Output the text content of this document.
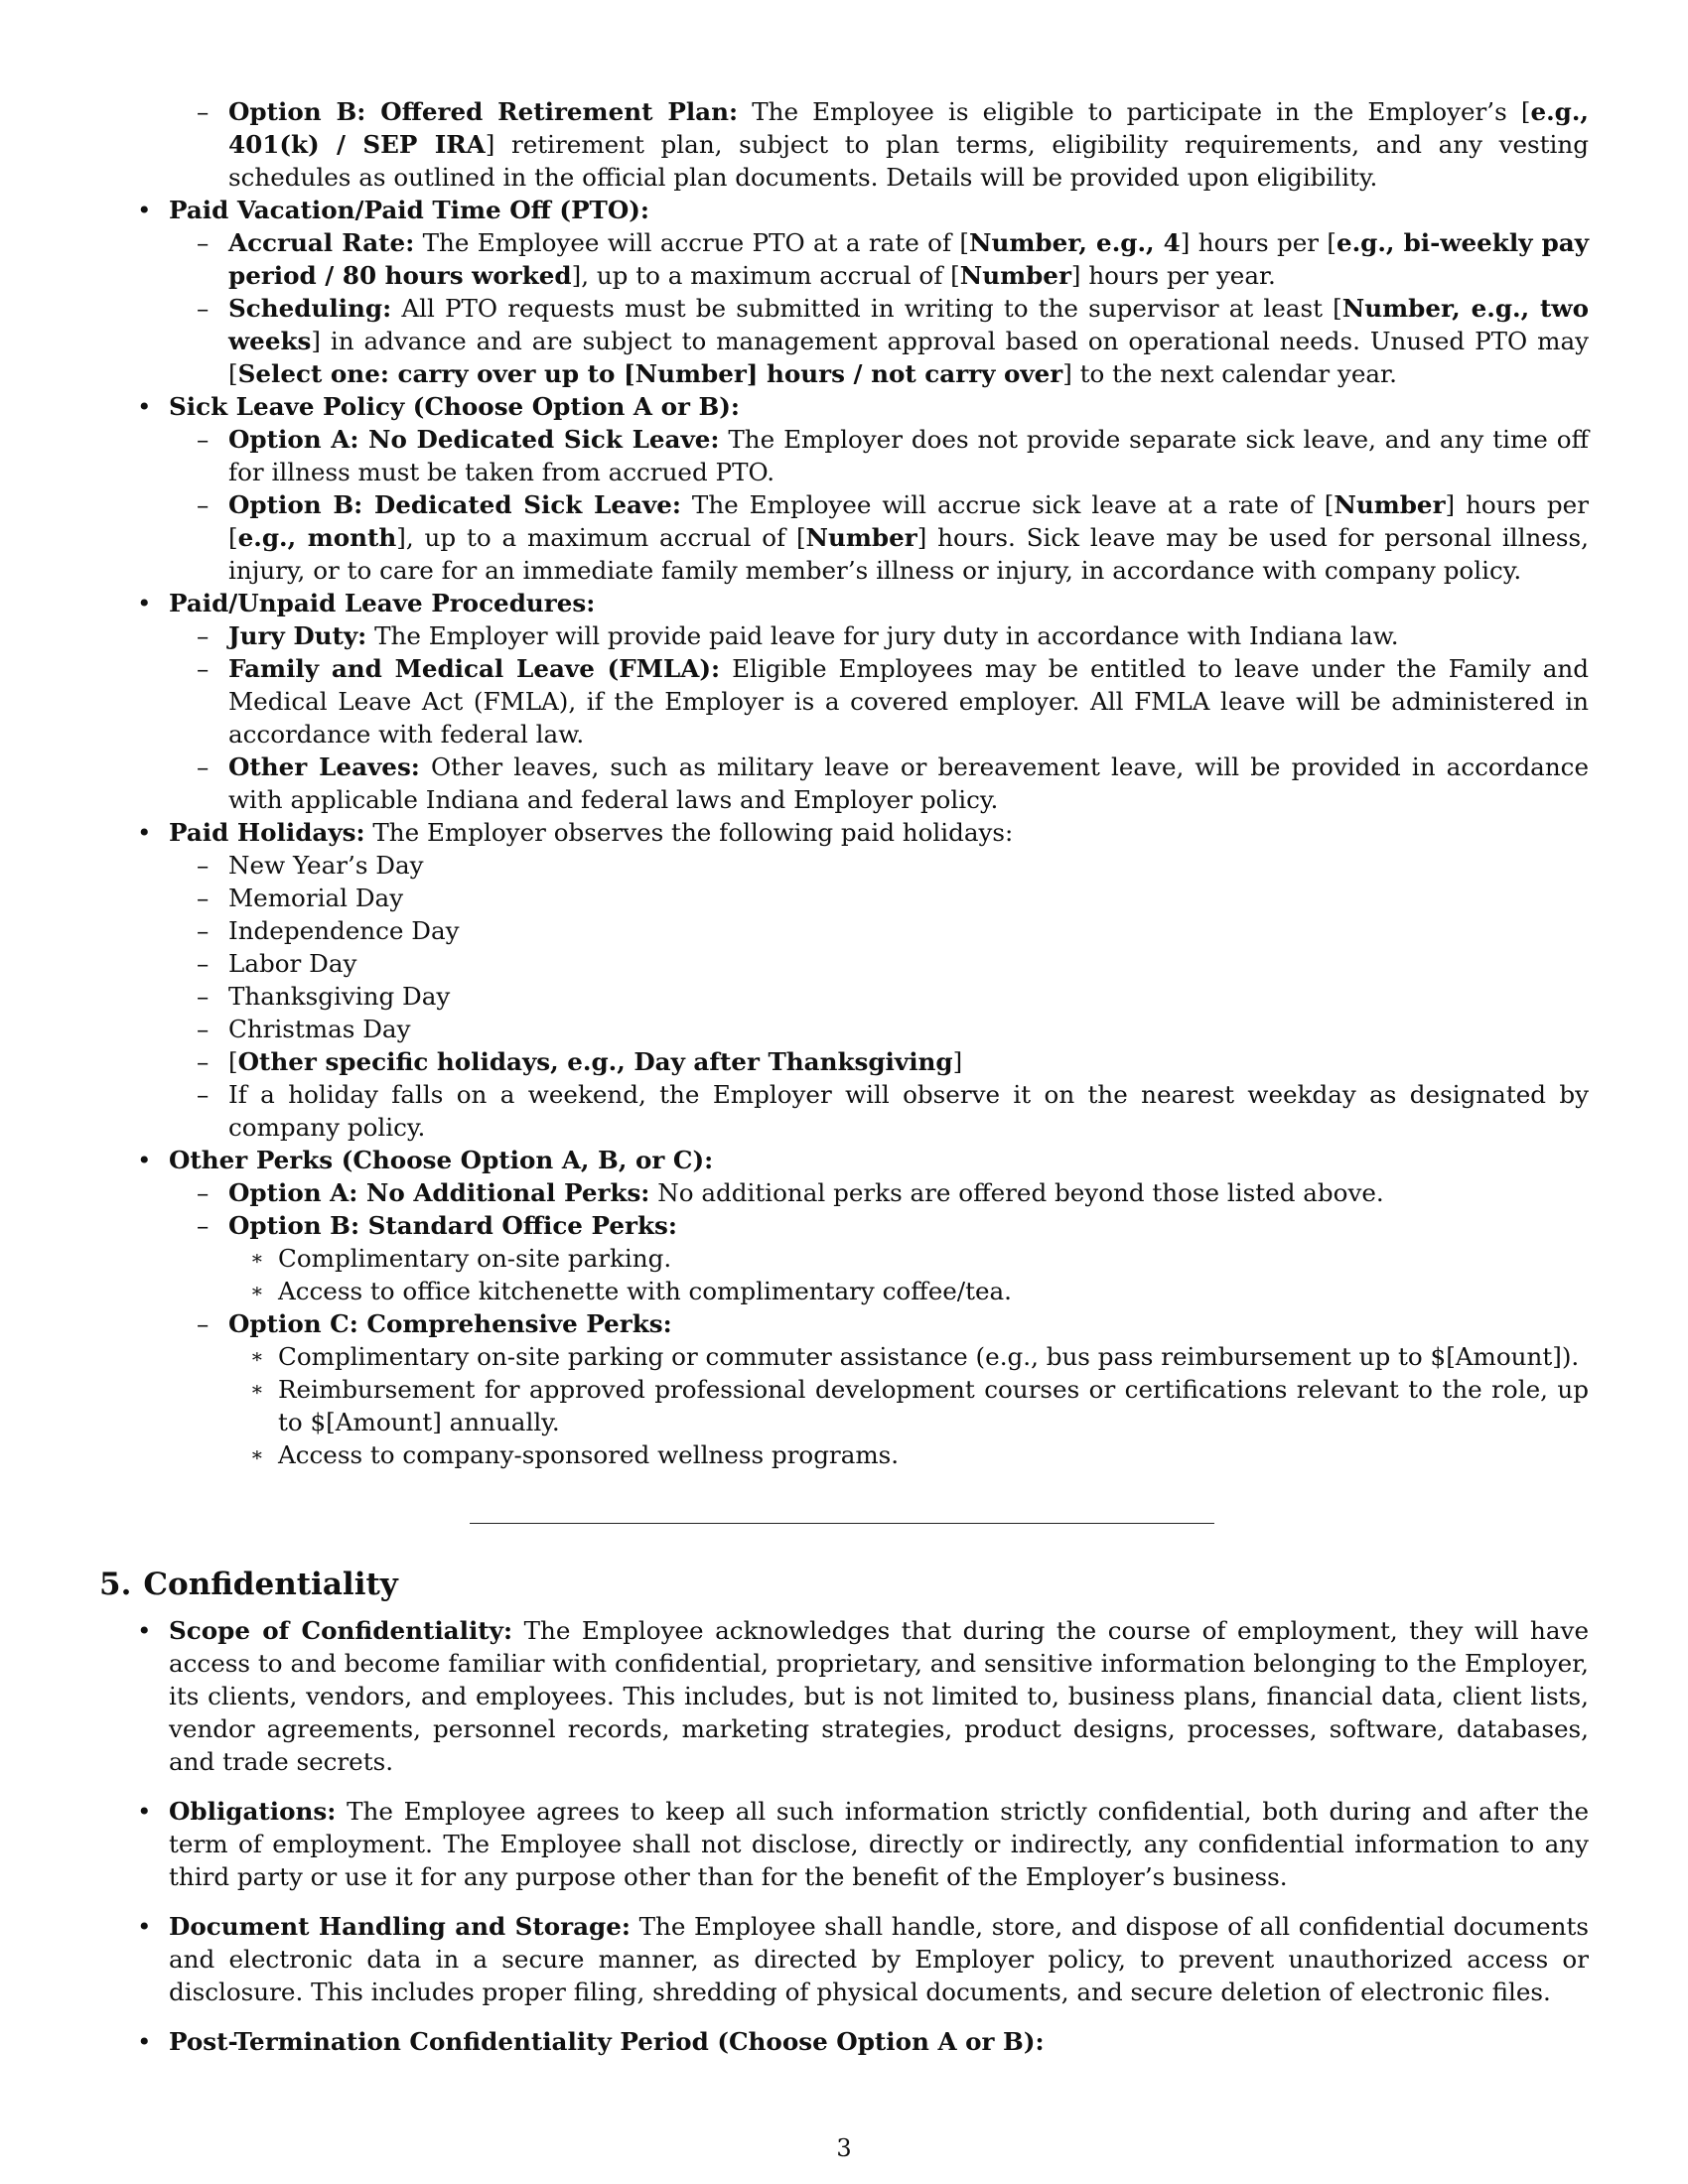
– Option B: Offered Retirement Plan: The Employee is eligible to participate in the Employer’s [e.g., 401(k) / SEP IRA] retirement plan, subject to plan terms, eligibility requirements, and any vesting schedules as outlined in the official plan documents. Details will be provided upon eligibility.
• Paid Vacation/Paid Time Off (PTO):
– Accrual Rate: The Employee will accrue PTO at a rate of [Number, e.g., 4] hours per [e.g., bi-weekly pay period / 80 hours worked], up to a maximum accrual of [Number] hours per year.
– Scheduling: All PTO requests must be submitted in writing to the supervisor at least [Number, e.g., two weeks] in advance and are subject to management approval based on operational needs. Unused PTO may [Select one: carry over up to [Number] hours / not carry over] to the next calendar year.
• Sick Leave Policy (Choose Option A or B):
– Option A: No Dedicated Sick Leave: The Employer does not provide separate sick leave, and any time off for illness must be taken from accrued PTO.
– Option B: Dedicated Sick Leave: The Employee will accrue sick leave at a rate of [Number] hours per [e.g., month], up to a maximum accrual of [Number] hours. Sick leave may be used for personal illness, injury, or to care for an immediate family member’s illness or injury, in accordance with company policy.
• Paid/Unpaid Leave Procedures:
– Jury Duty: The Employer will provide paid leave for jury duty in accordance with Indiana law.
– Family and Medical Leave (FMLA): Eligible Employees may be entitled to leave under the Family and Medical Leave Act (FMLA), if the Employer is a covered employer. All FMLA leave will be administered in accordance with federal law.
– Other Leaves: Other leaves, such as military leave or bereavement leave, will be provided in accordance with applicable Indiana and federal laws and Employer policy.
• Paid Holidays: The Employer observes the following paid holidays:
– New Year’s Day
– Memorial Day
– Independence Day
– Labor Day
– Thanksgiving Day
– Christmas Day
– [Other specific holidays, e.g., Day after Thanksgiving]
– If a holiday falls on a weekend, the Employer will observe it on the nearest weekday as designated by company policy.
• Other Perks (Choose Option A, B, or C):
– Option A: No Additional Perks: No additional perks are offered beyond those listed above.
– Option B: Standard Office Perks:
∗ Complimentary on-site parking.
∗ Access to office kitchenette with complimentary coffee/tea.
– Option C: Comprehensive Perks:
∗ Complimentary on-site parking or commuter assistance (e.g., bus pass reimbursement up to $[Amount]).
∗ Reimbursement for approved professional development courses or certifications relevant to the role, up to $[Amount] annually.
∗ Access to company-sponsored wellness programs.
5. Confidentiality
• Scope of Confidentiality: The Employee acknowledges that during the course of employment, they will have access to and become familiar with confidential, proprietary, and sensitive information belonging to the Employer, its clients, vendors, and employees. This includes, but is not limited to, business plans, financial data, client lists, vendor agreements, personnel records, marketing strategies, product designs, processes, software, databases, and trade secrets.
• Obligations: The Employee agrees to keep all such information strictly confidential, both during and after the term of employment. The Employee shall not disclose, directly or indirectly, any confidential information to any third party or use it for any purpose other than for the benefit of the Employer’s business.
• Document Handling and Storage: The Employee shall handle, store, and dispose of all confidential documents and electronic data in a secure manner, as directed by Employer policy, to prevent unauthorized access or disclosure. This includes proper filing, shredding of physical documents, and secure deletion of electronic files.
• Post-Termination Confidentiality Period (Choose Option A or B):
3
